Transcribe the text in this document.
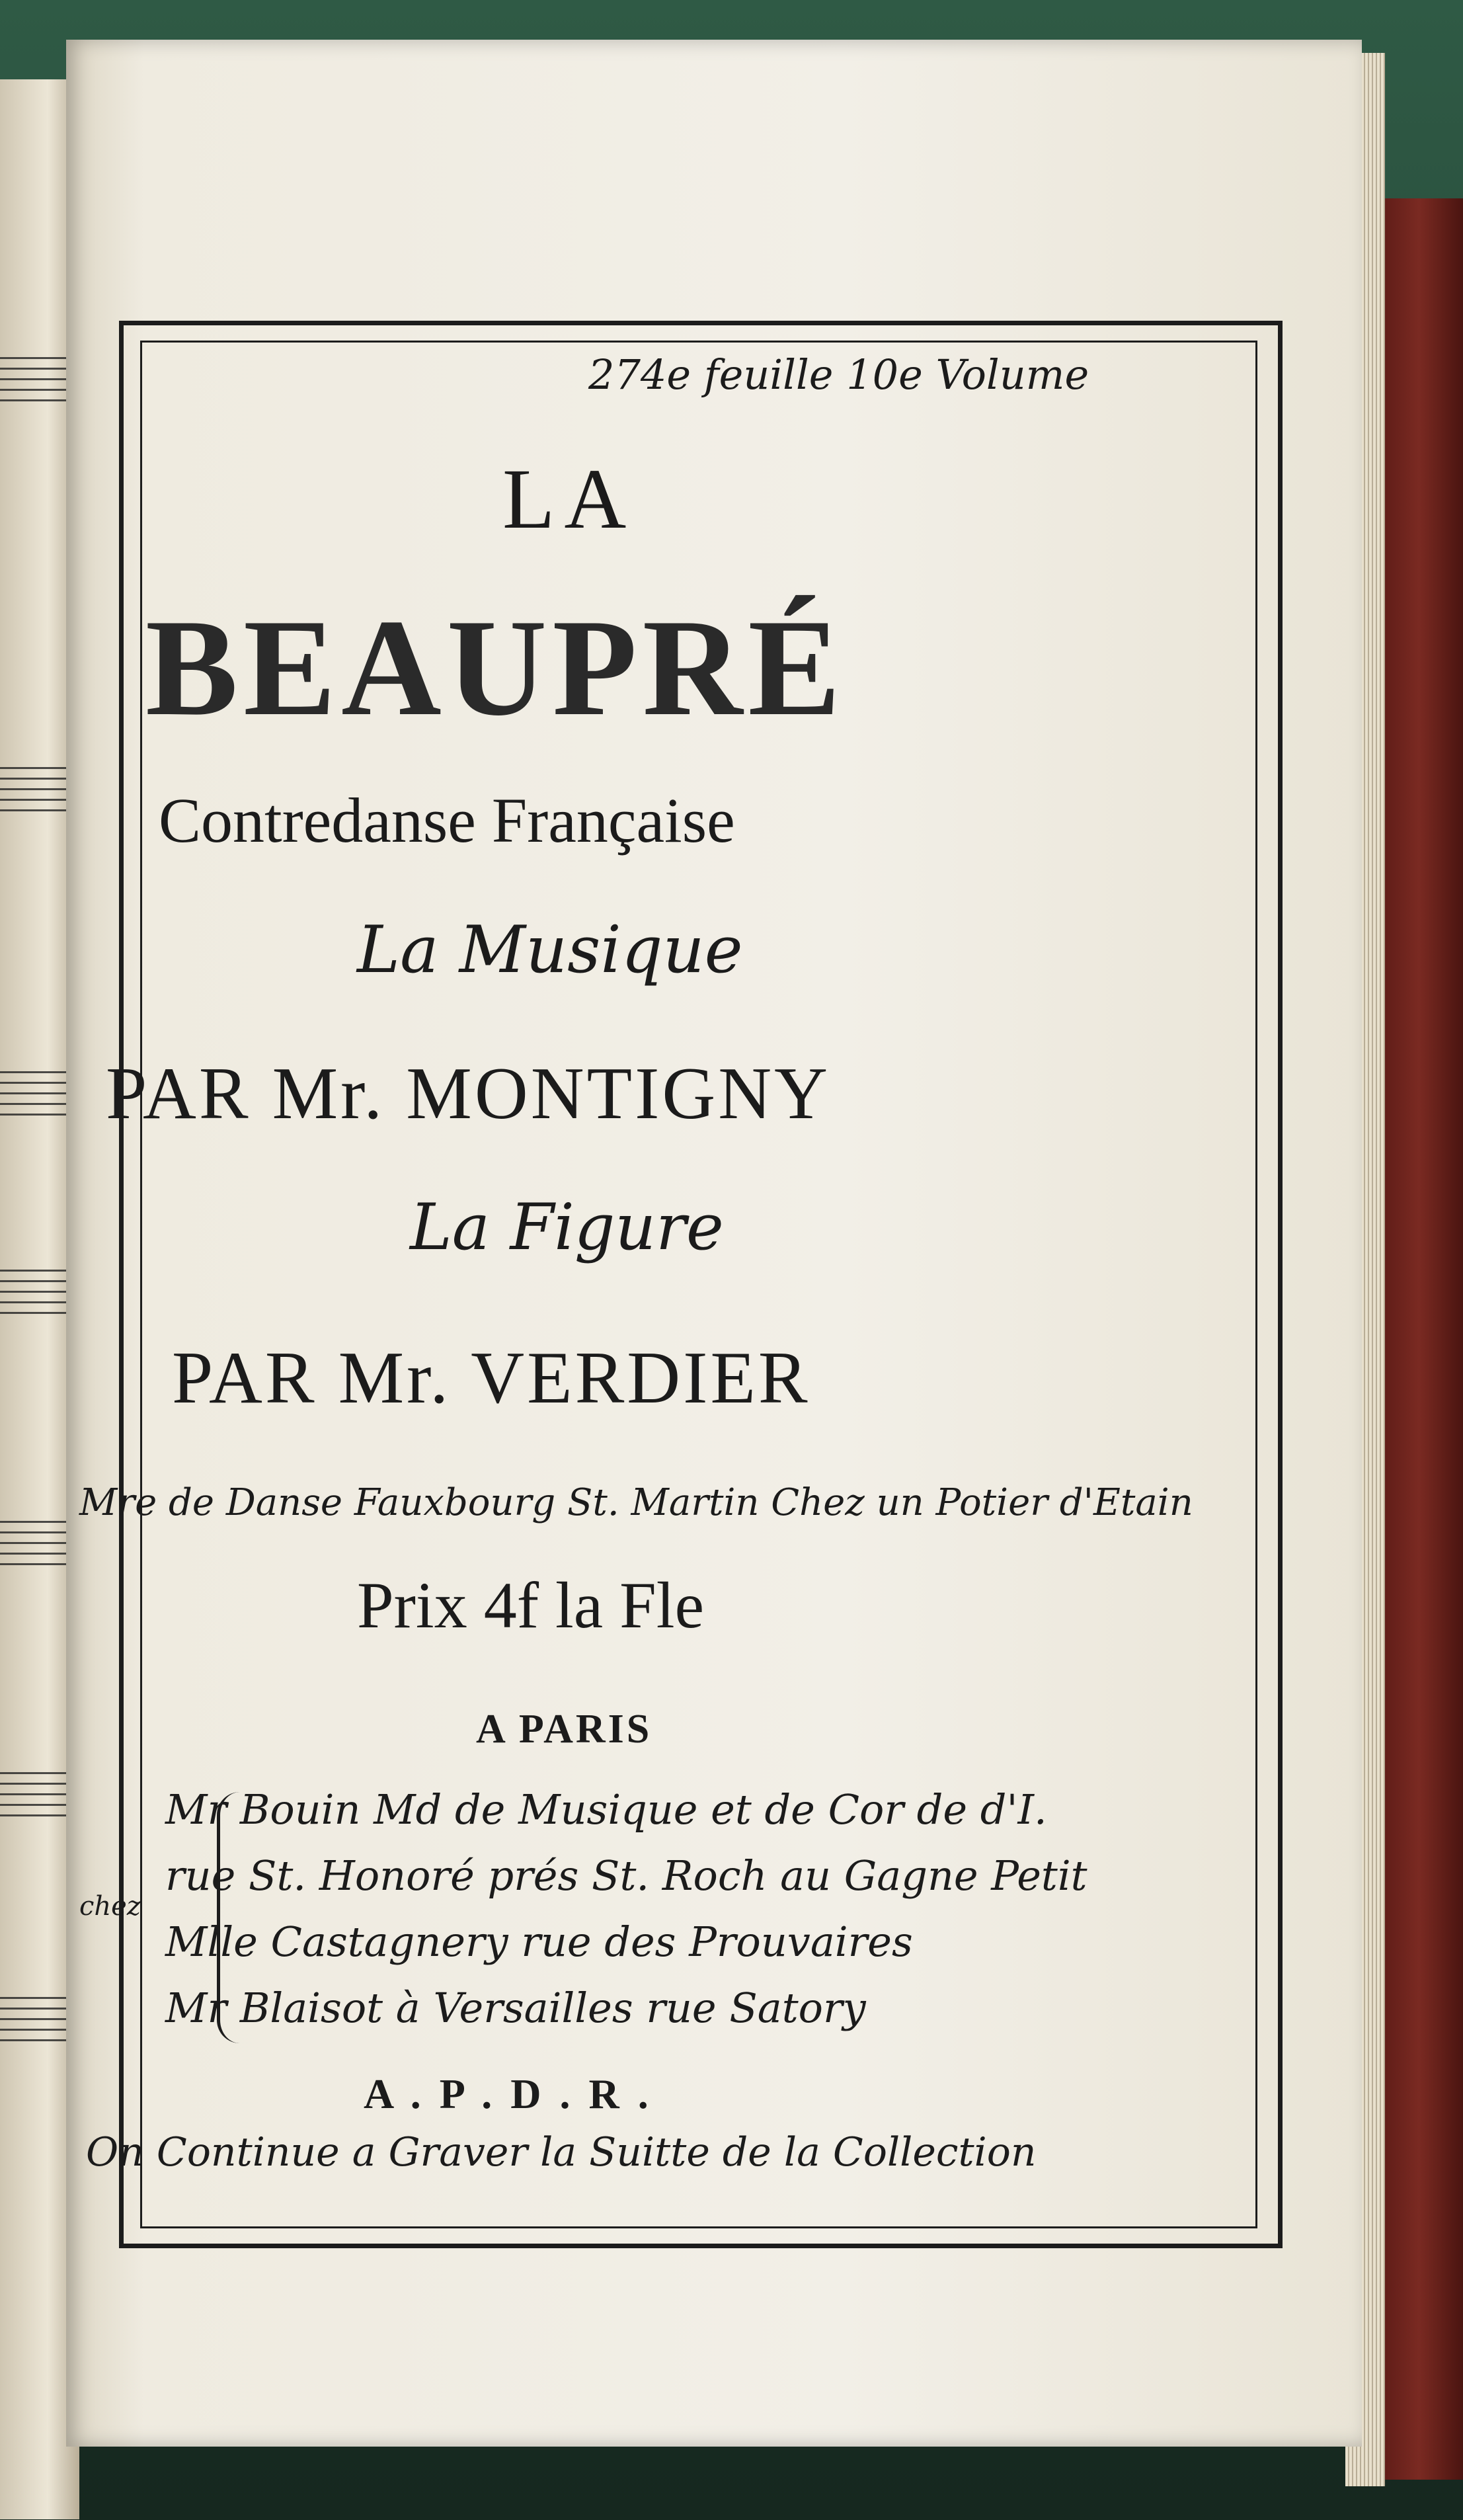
274e feuille 10e Volume
LA
BEAUPRÉ
Contredanse Française
La Musique
PAR Mr. MONTIGNY
La Figure
PAR Mr. VERDIER
Mre de Danse Fauxbourg St. Martin Chez un Potier d'Etain
Prix 4f la Fle
A PARIS
chez
Mr Bouin Md de Musique et de Cor de d'I.
rue St. Honoré prés St. Roch au Gagne Petit
Mlle Castagnery rue des Prouvaires
Mr Blaisot à Versailles rue Satory
A . P . D . R .
On Continue a Graver la Suitte de la Collection
